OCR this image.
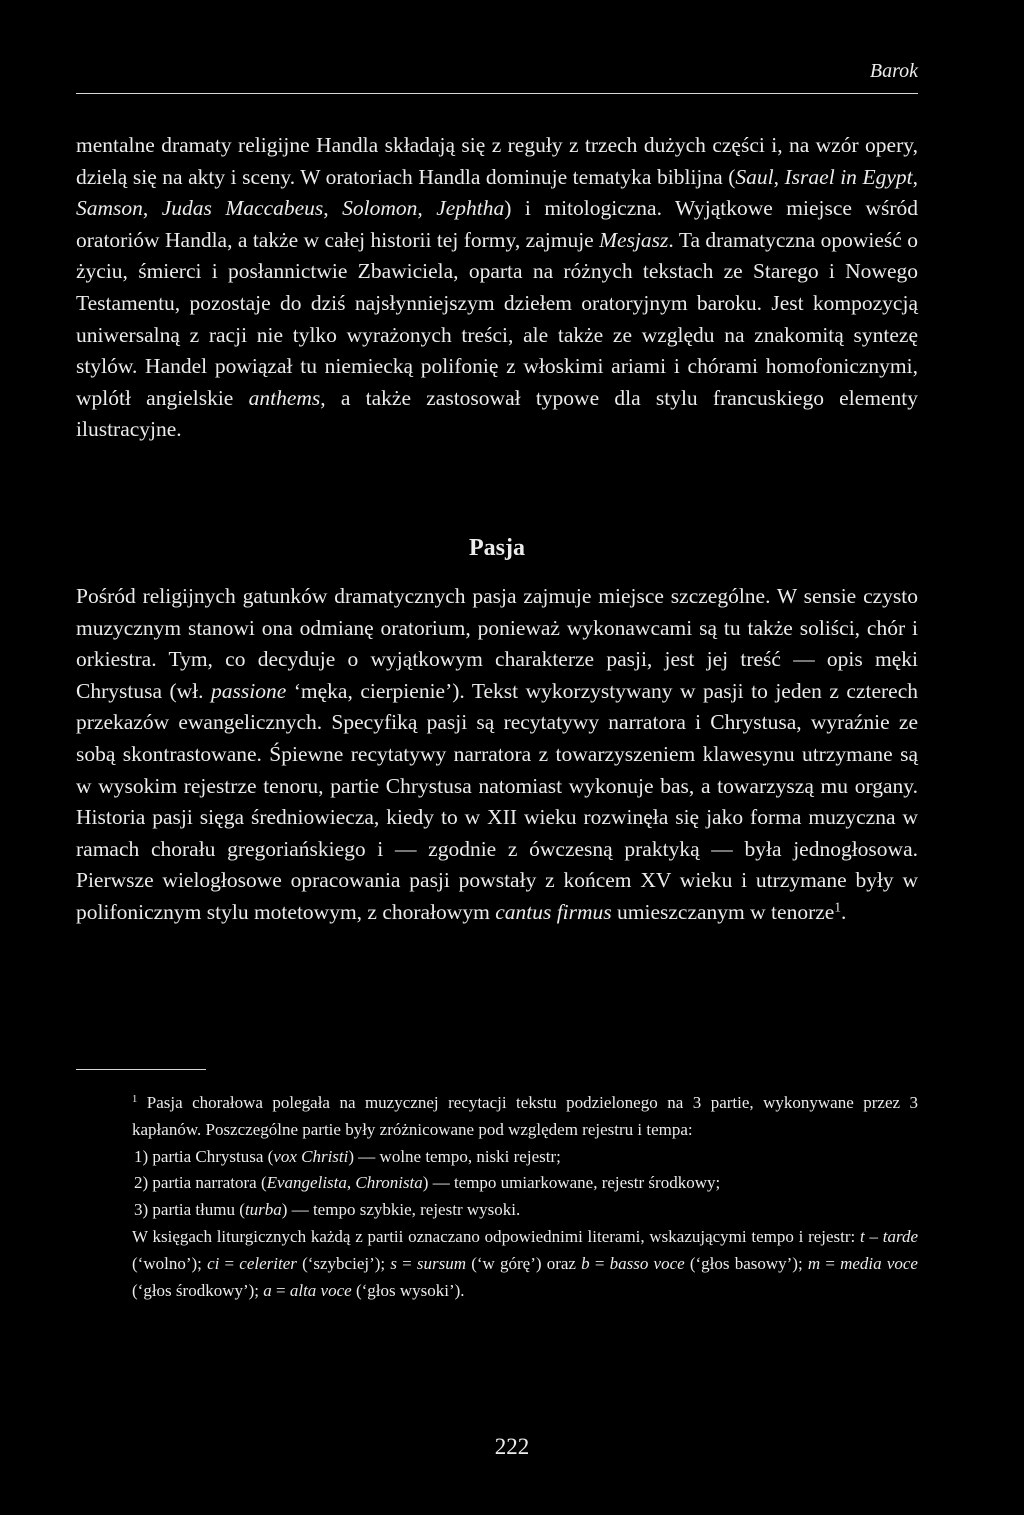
Barok

mentalne dramaty religijne Handla składają się z reguły z trzech dużych części i, na wzór opery, dzielą się na akty i sceny. W oratoriach Handla dominuje tematyka biblijna (Saul, Israel in Egypt, Samson, Judas Maccabeus, Solomon, Jephtha) i mitologiczna. Wyjątkowe miejsce wśród oratoriów Handla, a także w całej historii tej formy, zajmuje Mesjasz. Ta dramatyczna opowieść o życiu, śmierci i posłannictwie Zbawiciela, oparta na różnych tekstach ze Starego i Nowego Testamentu, pozostaje do dziś najsłynniejszym dziełem oratoryjnym baroku. Jest kompozycją uniwersalną z racji nie tylko wyrażonych treści, ale także ze względu na znakomitą syntezę stylów. Handel powiązał tu niemiecką polifonię z włoskimi ariami i chórami homofonicznymi, wplótł angielskie anthems, a także zastosował typowe dla stylu francuskiego elementy ilustracyjne.

Pasja

Pośród religijnych gatunków dramatycznych pasja zajmuje miejsce szczególne. W sensie czysto muzycznym stanowi ona odmianę oratorium, ponieważ wykonawcami są tu także soliści, chór i orkiestra. Tym, co decyduje o wyjątkowym charakterze pasji, jest jej treść — opis męki Chrystusa (wł. passione ‘męka, cierpienie’). Tekst wykorzystywany w pasji to jeden z czterech przekazów ewangelicznych. Specyfiką pasji są recytatywy narratora i Chrystusa, wyraźnie ze sobą skontrastowane. Śpiewne recytatywy narratora z towarzyszeniem klawesynu utrzymane są w wysokim rejestrze tenoru, partie Chrystusa natomiast wykonuje bas, a towarzyszą mu organy. Historia pasji sięga średniowiecza, kiedy to w XII wieku rozwinęła się jako forma muzyczna w ramach chorału gregoriańskiego i — zgodnie z ówczesną praktyką — była jednogłosowa. Pierwsze wielogłosowe opracowania pasji powstały z końcem XV wieku i utrzymane były w polifonicznym stylu motetowym, z chorałowym cantus firmus umieszczanym w tenorze$^1$.

$^1$ Pasja chorałowa polegała na muzycznej recytacji tekstu podzielonego na 3 partie, wykonywane przez 3 kapłanów. Poszczególne partie były zróżnicowane pod względem rejestru i tempa:

1) partia Chrystusa (vox Christi) — wolne tempo, niski rejestr;

2) partia narratora (Evangelista, Chronista) — tempo umiarkowane, rejestr środkowy;

3) partia tłumu (turba) — tempo szybkie, rejestr wysoki.

W księgach liturgicznych każdą z partii oznaczano odpowiednimi literami, wskazującymi tempo i rejestr: t – tarde (‘wolno’); ci = celeriter (‘szybciej’); s = sursum (‘w górę’) oraz b = basso voce (‘głos basowy’); m = media voce (‘głos środkowy’); a = alta voce (‘głos wysoki’).

222
